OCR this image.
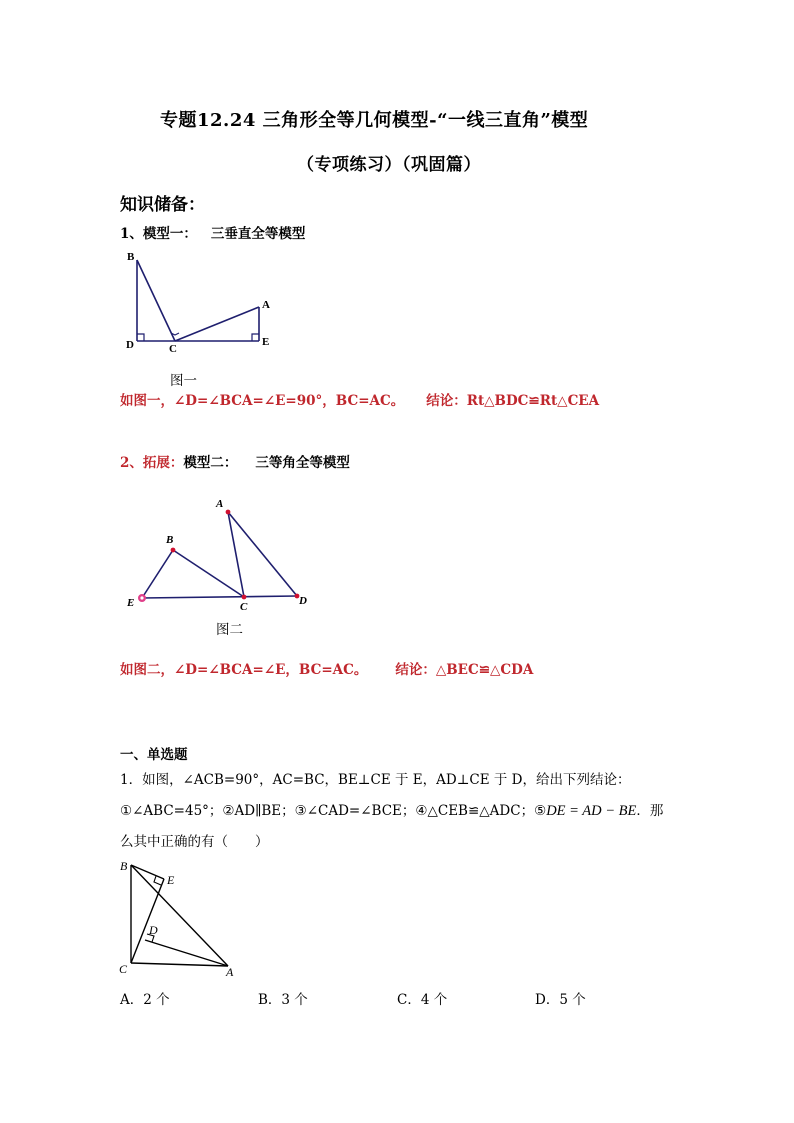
专题12.24 三角形全等几何模型-“一线三直角”模型
（专项练习）（巩固篇）
知识储备：
1、模型一： 三垂直全等模型
B
A
D	C
E
图一
如图一，∠D=∠BCA=∠E=90°，BC=AC。 结论：Rt△BDC≌Rt△CEA
2、拓展：模型二： 三等角全等模型
A
B
E	C	D
图二
如图二，∠D=∠BCA=∠E，BC=AC。 结论：△BEC≌△CDA
一、单选题
1．如图，∠ACB=90°，AC=BC，BE⊥CE 于 E，AD⊥CE 于 D，给出下列结论：
①∠ABC=45°；②AD∥BE；③∠CAD=∠BCE；④△CEB≌△ADC；⑤DE = AD − BE．那
么其中正确的有（　　）
B
E
D
C	A
A．2 个	B．3 个	C．4 个	D．5 个
